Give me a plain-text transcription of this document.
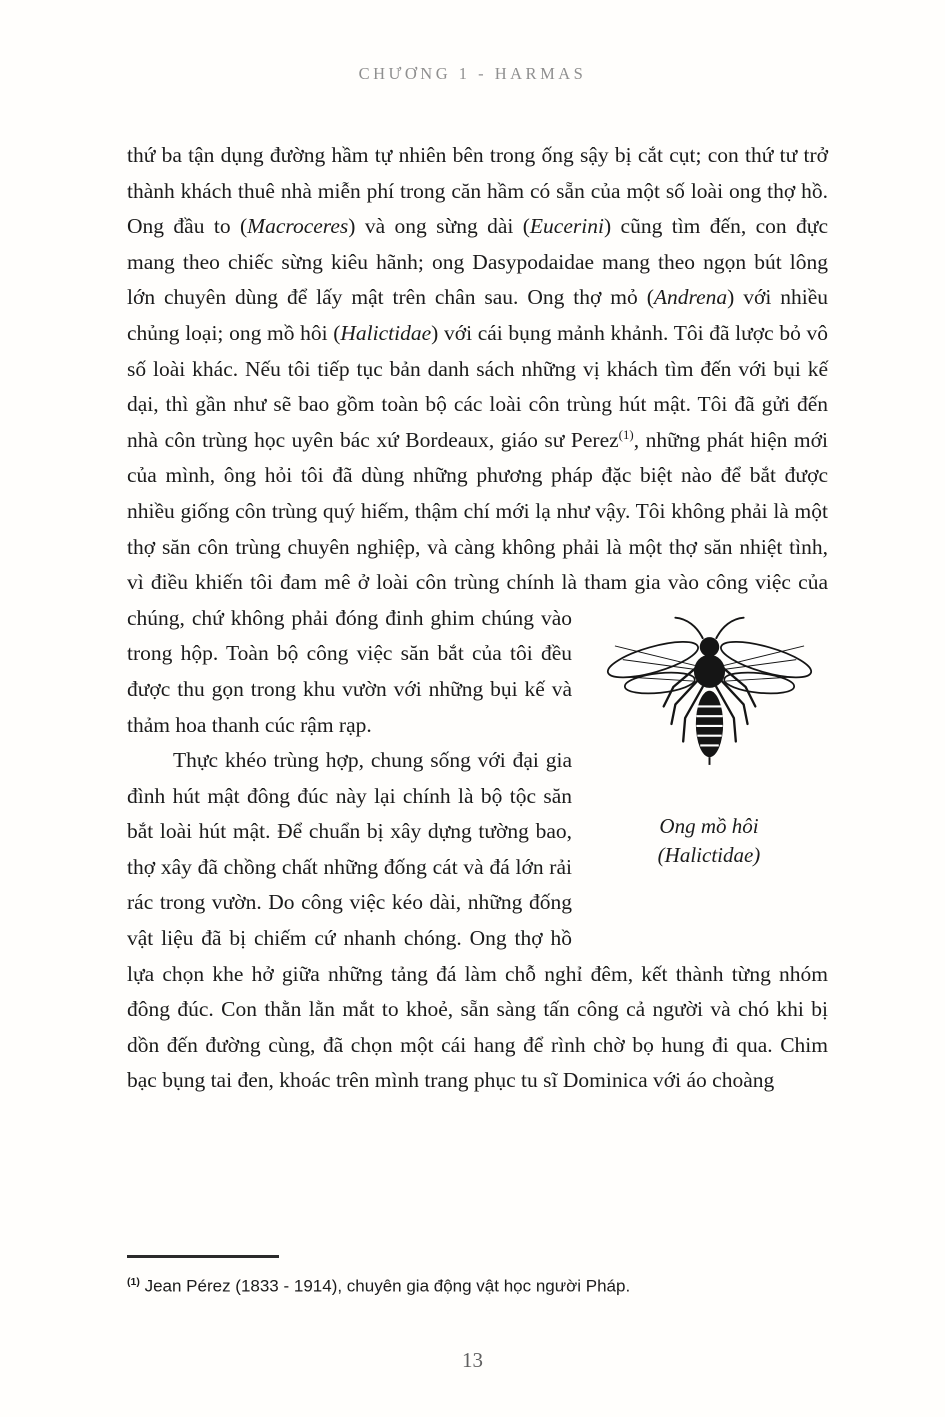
CHƯƠNG 1 - HARMAS

thứ ba tận dụng đường hầm tự nhiên bên trong ống sậy bị cắt cụt; con thứ tư trở thành khách thuê nhà miễn phí trong căn hầm có sẵn của một số loài ong thợ hồ. Ong đầu to (Macroceres) và ong sừng dài (Eucerini) cũng tìm đến, con đực mang theo chiếc sừng kiêu hãnh; ong Dasypodaidae mang theo ngọn bút lông lớn chuyên dùng để lấy mật trên chân sau. Ong thợ mỏ (Andrena) với nhiều chủng loại; ong mồ hôi (Halictidae) với cái bụng mảnh khảnh. Tôi đã lược bỏ vô số loài khác. Nếu tôi tiếp tục bản danh sách những vị khách tìm đến với bụi kế dại, thì gần như sẽ bao gồm toàn bộ các loài côn trùng hút mật. Tôi đã gửi đến nhà côn trùng học uyên bác xứ Bordeaux, giáo sư Perez$^{(1)}$, những phát hiện mới của mình, ông hỏi tôi đã dùng những phương pháp đặc biệt nào để bắt được nhiều giống côn trùng quý hiếm, thậm chí mới lạ như vậy. Tôi không phải là một thợ săn côn trùng chuyên nghiệp, và càng không phải là một thợ săn nhiệt tình, vì điều khiến tôi đam mê ở loài côn trùng chính là tham gia vào
Ong mồ hôi
(Halictidae)
công việc của chúng, chứ không phải đóng đinh ghim chúng vào trong hộp. Toàn bộ công việc săn bắt của tôi đều được thu gọn trong khu vườn với những bụi kế và thảm hoa thanh cúc rậm rạp.

Thực khéo trùng hợp, chung sống với đại gia đình hút mật đông đúc này lại chính là bộ tộc săn bắt loài hút mật. Để chuẩn bị xây dựng tường bao, thợ xây đã chồng chất những đống cát và đá lớn rải rác trong vườn. Do công việc kéo dài, những đống vật liệu đã bị chiếm cứ nhanh chóng. Ong thợ hồ lựa chọn khe hở giữa những tảng đá làm chỗ nghỉ đêm, kết thành từng nhóm đông đúc. Con thằn lằn mắt to khoẻ, sẵn sàng tấn công cả người và chó khi bị dồn đến đường cùng, đã chọn một cái hang để rình chờ bọ hung đi qua. Chim bạc bụng tai đen, khoác trên mình trang phục tu sĩ Dominica với áo choàng

$^{(1)}$ Jean Pérez (1833 - 1914), chuyên gia động vật học người Pháp.
13
